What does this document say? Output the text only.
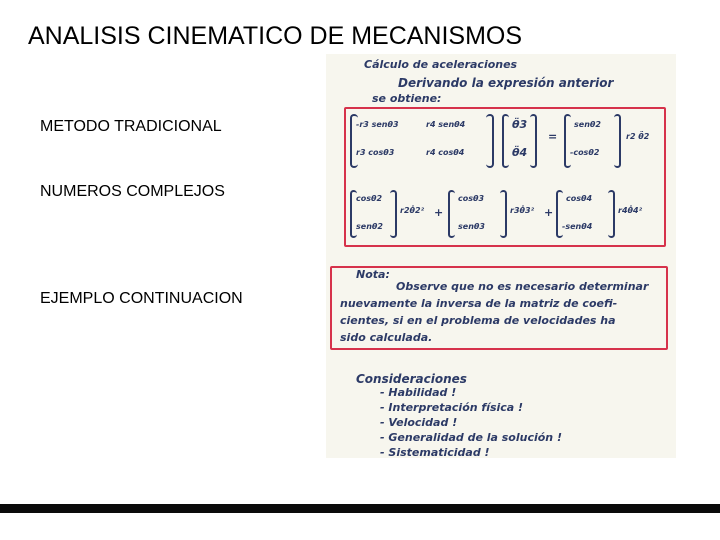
ANALISIS CINEMATICO DE MECANISMOS
METODO TRADICIONAL
NUMEROS COMPLEJOS
EJEMPLO CONTINUACION
Cálculo de aceleraciones
Derivando la expresión anterior
se obtiene:
-r3 senθ3	r4 senθ4
r3 cosθ3	r4 cosθ4
θ̈3
θ̈4
=
senθ2
-cosθ2
r2 θ̈2
cosθ2
senθ2
r2θ̇2² +
cosθ3
senθ3
r3θ̇3² +
cosθ4
-senθ4
r4θ̇4²
Nota:
Observe que no es necesario determinar
nuevamente la inversa de la matriz de coefi-
cientes, si en el problema de velocidades ha
sido calculada.
Consideraciones
- Habilidad !
- Interpretación física !
- Velocidad !
- Generalidad de la solución !
- Sistematicidad !
